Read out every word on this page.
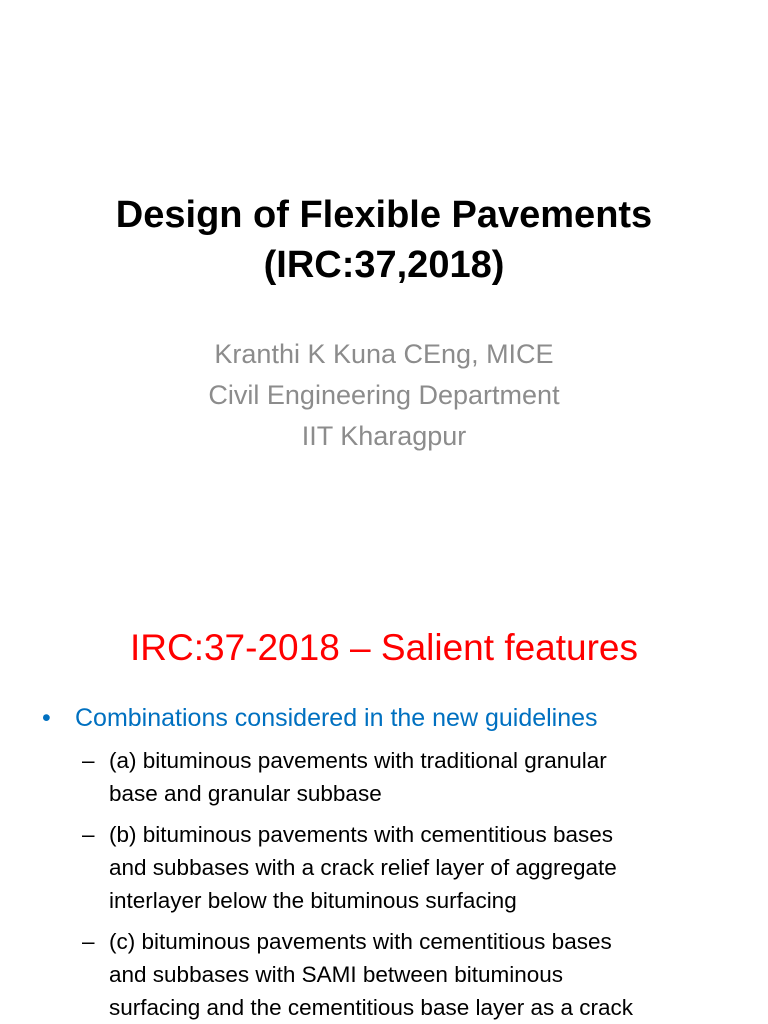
Design of Flexible Pavements
(IRC:37,2018)
Kranthi K Kuna CEng, MICE
Civil Engineering Department
IIT Kharagpur
IRC:37-2018 – Salient features
• Combinations considered in the new guidelines
– (a) bituminous pavements with traditional granular
base and granular subbase
– (b) bituminous pavements with cementitious bases
and subbases with a crack relief layer of aggregate
interlayer below the bituminous surfacing
– (c) bituminous pavements with cementitious bases
and subbases with SAMI between bituminous
surfacing and the cementitious base layer as a crack
